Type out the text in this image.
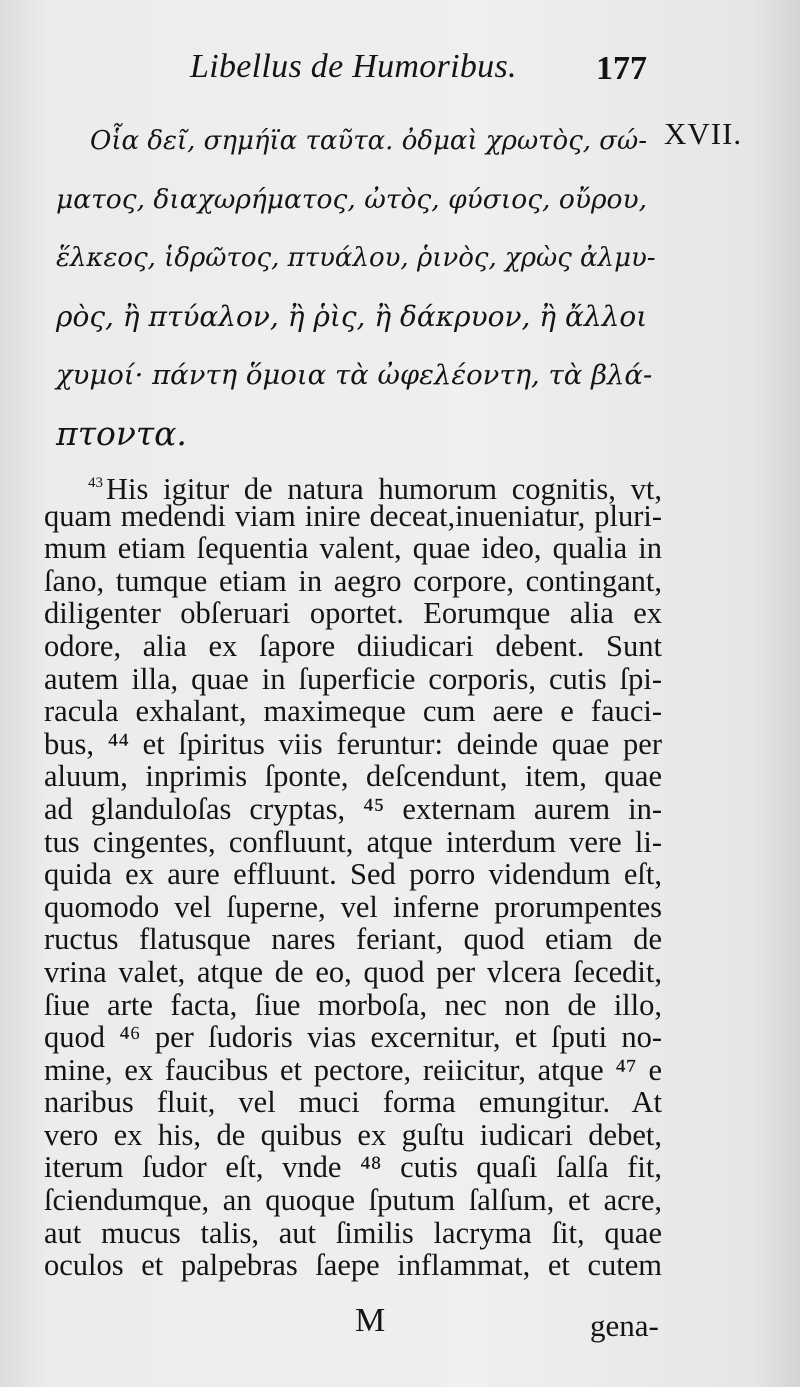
Libellus de Humoribus. 177
XVII.
Οἷα δεῖ, σημήϊα ταῦτα. ὀδμαὶ χρωτὸς, σώ-
ματος, διαχωρήματος, ὠτὸς, φύσιος, οὔρου,
ἕλκεος, ἱδρῶτος, πτυάλου, ῥινὸς, χρὼς ἀλμυ-
ρὸς, ἢ πτύαλον, ἢ ῥὶς, ἢ δάκρυον, ἢ ἄλλοι
χυμοί· πάντη ὅμοια τὰ ὠφελέοντη, τὰ βλά-
πτοντα.
$^{43}$His igitur de natura humorum cognitis, vt,
quam medendi viam inire deceat,inueniatur, pluri-
mum etiam ſequentia valent, quae ideo, qualia in
ſano, tumque etiam in aegro corpore, contingant,
diligenter obſeruari oportet. Eorumque alia ex
odore, alia ex ſapore diiudicari debent. Sunt
autem illa, quae in ſuperficie corporis, cutis ſpi-
racula exhalant, maximeque cum aere e fauci-
bus, ⁴⁴ et ſpiritus viis feruntur: deinde quae per
aluum, inprimis ſponte, deſcendunt, item, quae
ad glanduloſas cryptas, ⁴⁵ externam aurem in-
tus cingentes, confluunt, atque interdum vere li-
quida ex aure effluunt. Sed porro videndum eſt,
quomodo vel ſuperne, vel inferne prorumpentes
ructus flatusque nares feriant, quod etiam de
vrina valet, atque de eo, quod per vlcera ſecedit,
ſiue arte facta, ſiue morboſa, nec non de illo,
quod ⁴⁶ per ſudoris vias excernitur, et ſputi no-
mine, ex faucibus et pectore, reiicitur, atque ⁴⁷ e
naribus fluit, vel muci forma emungitur. At
vero ex his, de quibus ex guſtu iudicari debet,
iterum ſudor eſt, vnde ⁴⁸ cutis quaſi ſalſa fit,
ſciendumque, an quoque ſputum ſalſum, et acre,
aut mucus talis, aut ſimilis lacryma ſit, quae
oculos et palpebras ſaepe inflammat, et cutem
M	gena-
